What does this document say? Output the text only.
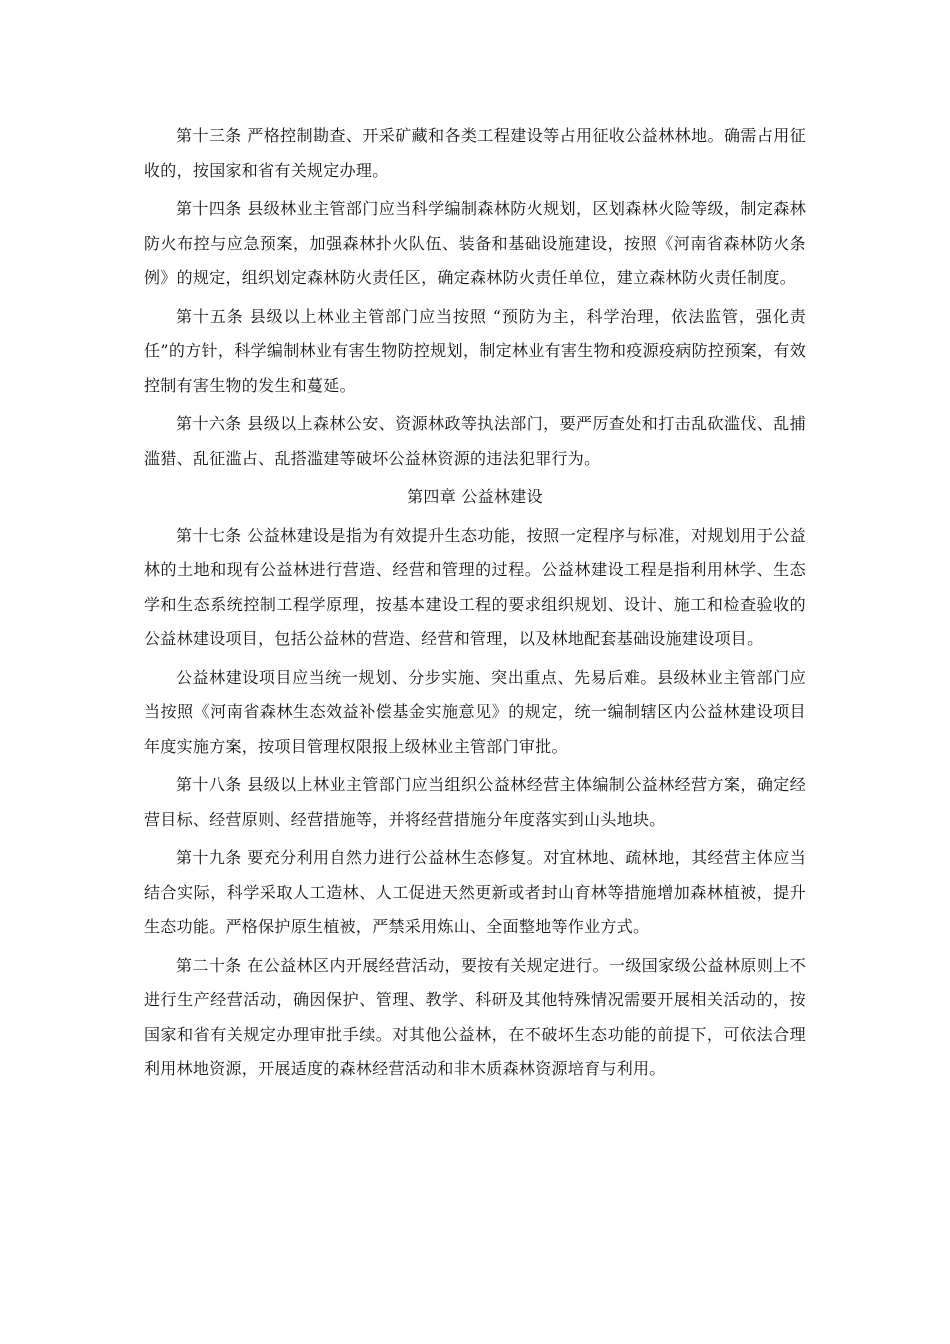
第十三条 严格控制勘查、开采矿藏和各类工程建设等占用征收公益林林地。确需占用征收的，按国家和省有关规定办理。

第十四条 县级林业主管部门应当科学编制森林防火规划，区划森林火险等级，制定森林防火布控与应急预案，加强森林扑火队伍、装备和基础设施建设，按照《河南省森林防火条例》的规定，组织划定森林防火责任区，确定森林防火责任单位，建立森林防火责任制度。

第十五条 县级以上林业主管部门应当按照 “预防为主，科学治理，依法监管，强化责任”的方针，科学编制林业有害生物防控规划，制定林业有害生物和疫源疫病防控预案，有效控制有害生物的发生和蔓延。

第十六条 县级以上森林公安、资源林政等执法部门，要严厉查处和打击乱砍滥伐、乱捕滥猎、乱征滥占、乱搭滥建等破坏公益林资源的违法犯罪行为。

第四章 公益林建设

第十七条 公益林建设是指为有效提升生态功能，按照一定程序与标准，对规划用于公益林的土地和现有公益林进行营造、经营和管理的过程。公益林建设工程是指利用林学、生态学和生态系统控制工程学原理，按基本建设工程的要求组织规划、设计、施工和检查验收的公益林建设项目，包括公益林的营造、经营和管理，以及林地配套基础设施建设项目。

公益林建设项目应当统一规划、分步实施、突出重点、先易后难。县级林业主管部门应当按照《河南省森林生态效益补偿基金实施意见》的规定，统一编制辖区内公益林建设项目年度实施方案，按项目管理权限报上级林业主管部门审批。

第十八条 县级以上林业主管部门应当组织公益林经营主体编制公益林经营方案，确定经营目标、经营原则、经营措施等，并将经营措施分年度落实到山头地块。

第十九条 要充分利用自然力进行公益林生态修复。对宜林地、疏林地，其经营主体应当结合实际，科学采取人工造林、人工促进天然更新或者封山育林等措施增加森林植被，提升生态功能。严格保护原生植被，严禁采用炼山、全面整地等作业方式。

第二十条 在公益林区内开展经营活动，要按有关规定进行。一级国家级公益林原则上不进行生产经营活动，确因保护、管理、教学、科研及其他特殊情况需要开展相关活动的，按国家和省有关规定办理审批手续。对其他公益林，在不破坏生态功能的前提下，可依法合理利用林地资源，开展适度的森林经营活动和非木质森林资源培育与利用。
